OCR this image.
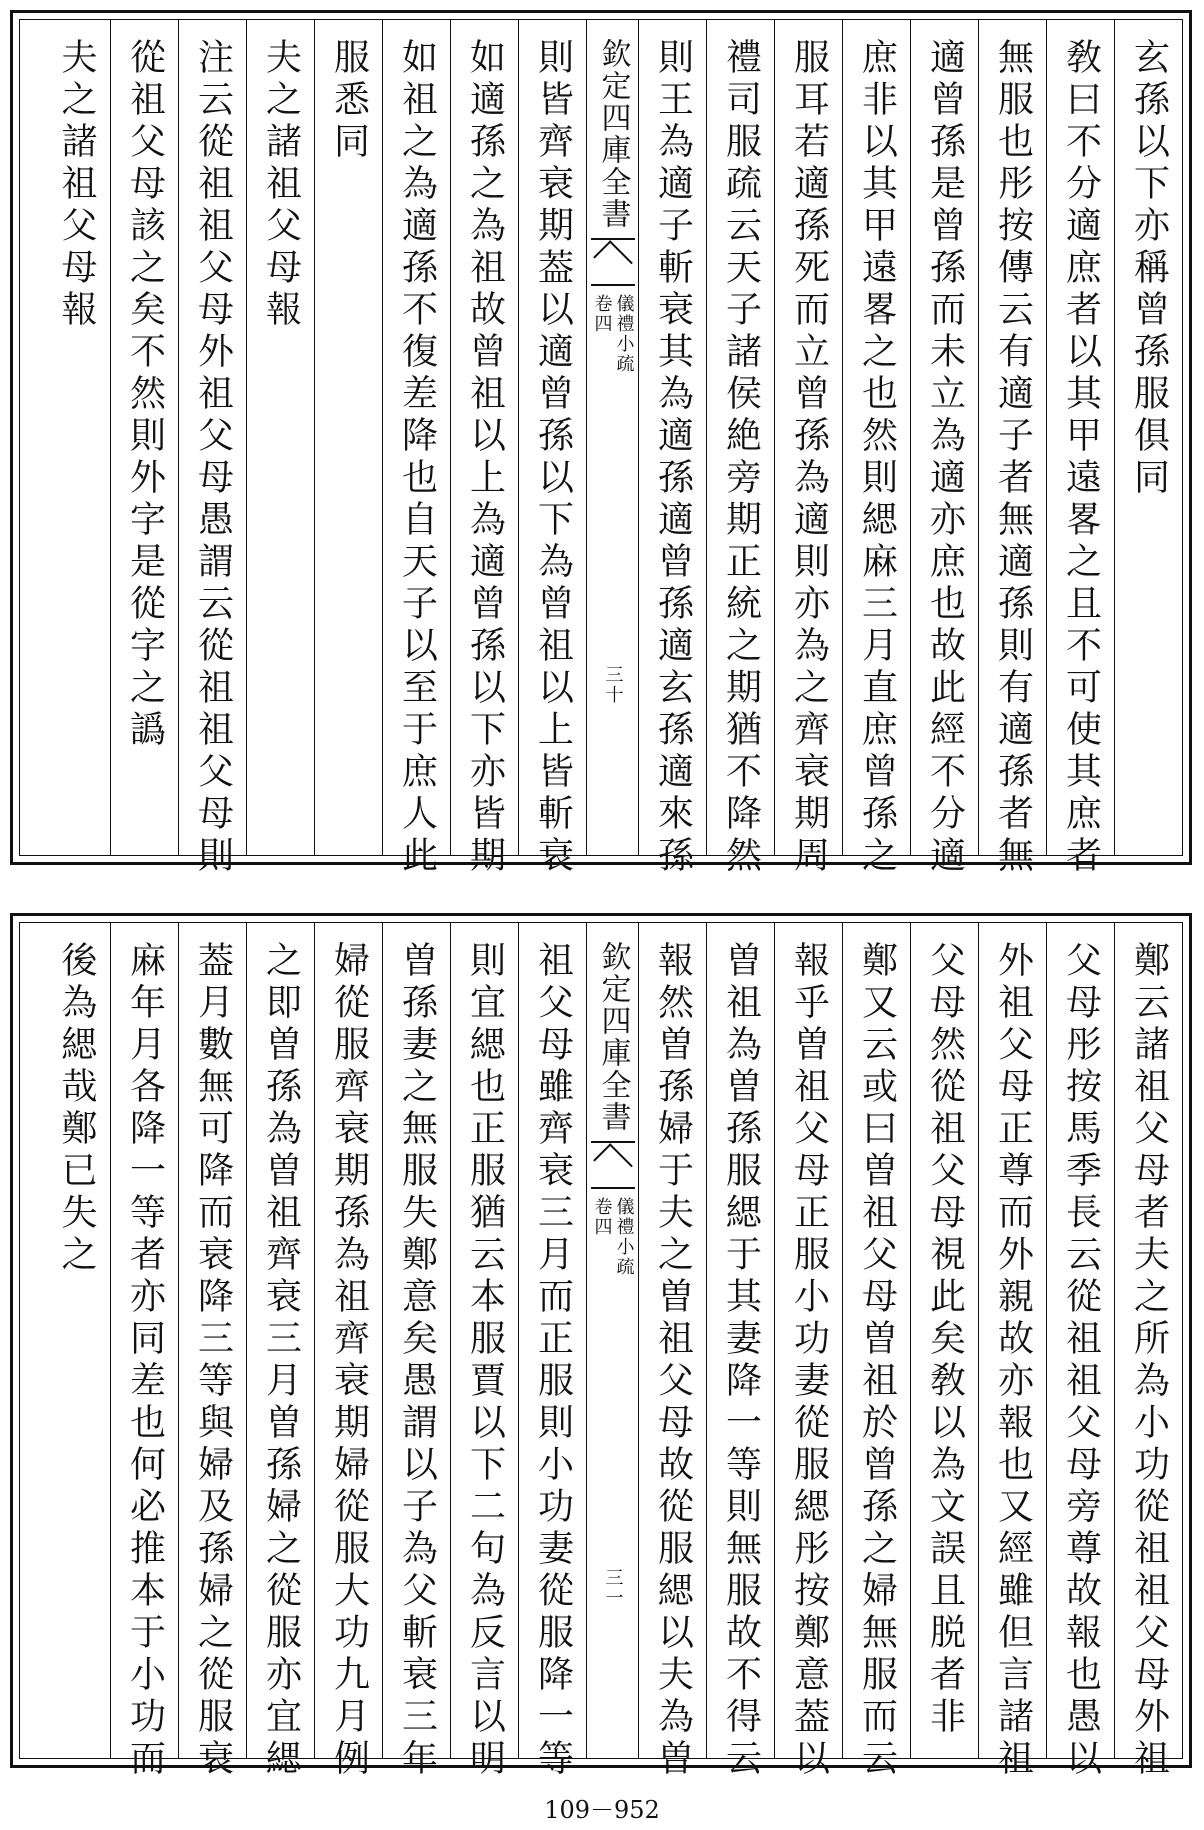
玄孫以下亦稱曾孫服俱同
敎曰不分適庶者以其甲遠畧之且不可使其庶者
無服也彤按傳云有適子者無適孫則有適孫者無
適曾孫是曾孫而未立為適亦庶也故此經不分適
庶非以其甲遠畧之也然則緦麻三月直庶曾孫之
服耳若適孫死而立曾孫為適則亦為之齊衰期周
禮司服疏云天子諸侯絶旁期正統之期猶不降然
則王為適子斬衰其為適孫適曾孫適玄孫適來孫
欽定四庫全書
儀禮小疏
卷四
三十
則皆齊衰期葢以適曾孫以下為曾祖以上皆斬衰
如適孫之為祖故曾祖以上為適曾孫以下亦皆期
如祖之為適孫不復差降也自天子以至于庶人此
服悉同
夫之諸祖父母報
注云從祖祖父母外祖父母愚謂云從祖祖父母則
從祖父母該之矣不然則外字是從字之譌
夫之諸祖父母報
鄭云諸祖父母者夫之所為小功從祖祖父母外祖
父母彤按馬季長云從祖祖父母旁尊故報也愚以
外祖父母正尊而外親故亦報也又經雖但言諸祖
父母然從祖父母視此矣敎以為文誤且脱者非
鄭又云或曰曽祖父母曽祖於曾孫之婦無服而云
報乎曽祖父母正服小功妻從服緦彤按鄭意葢以
曽祖為曽孫服緦于其妻降一等則無服故不得云
報然曽孫婦于夫之曽祖父母故從服緦以夫為曽
欽定四庫全書
儀禮小疏
卷四
三一
祖父母雖齊衰三月而正服則小功妻從服降一等
則宜緦也正服猶云本服賈以下二句為反言以明
曽孫妻之無服失鄭意矣愚謂以子為父斬衰三年
婦從服齊衰期孫為祖齊衰期婦從服大功九月例
之即曽孫為曽祖齊衰三月曽孫婦之從服亦宜緦
葢月數無可降而衰降三等與婦及孫婦之從服衰
麻年月各降一等者亦同差也何必推本于小功而
後為緦哉鄭已失之
109－952
